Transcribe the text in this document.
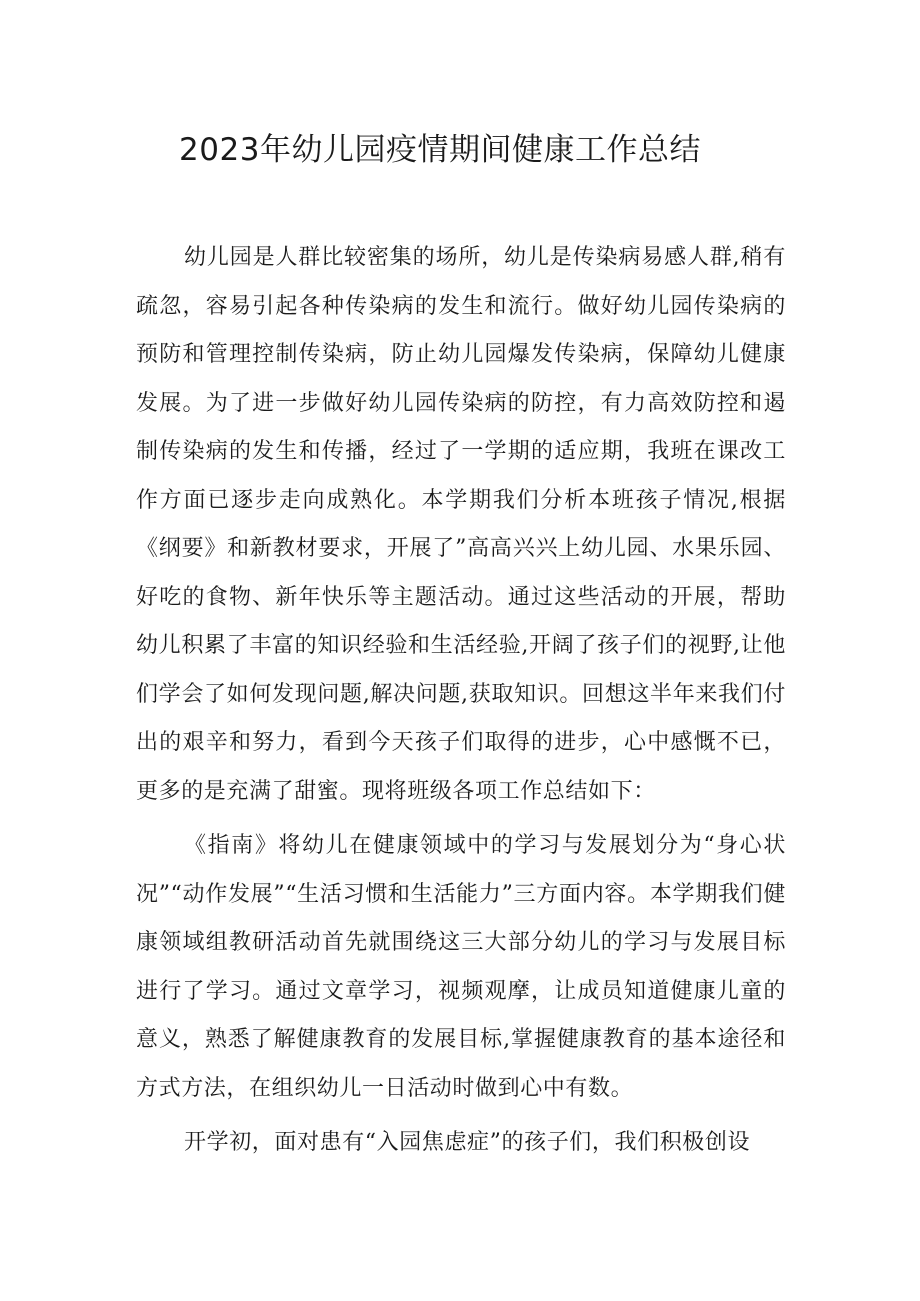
2023年幼儿园疫情期间健康工作总结

幼儿园是人群比较密集的场所，幼儿是传染病易感人群,稍有疏忽，容易引起各种传染病的发生和流行。做好幼儿园传染病的预防和管理控制传染病，防止幼儿园爆发传染病，保障幼儿健康发展。为了进一步做好幼儿园传染病的防控，有力高效防控和遏制传染病的发生和传播，经过了一学期的适应期，我班在课改工作方面已逐步走向成熟化。本学期我们分析本班孩子情况,根据《纲要》和新教材要求，开展了”高高兴兴上幼儿园、水果乐园、好吃的食物、新年快乐等主题活动。通过这些活动的开展，帮助幼儿积累了丰富的知识经验和生活经验,开阔了孩子们的视野,让他们学会了如何发现问题,解决问题,获取知识。回想这半年来我们付出的艰辛和努力，看到今天孩子们取得的进步，心中感慨不已，更多的是充满了甜蜜。现将班级各项工作总结如下：

《指南》将幼儿在健康领域中的学习与发展划分为“身心状况”“动作发展”“生活习惯和生活能力”三方面内容。本学期我们健康领域组教研活动首先就围绕这三大部分幼儿的学习与发展目标进行了学习。通过文章学习，视频观摩，让成员知道健康儿童的意义，熟悉了解健康教育的发展目标,掌握健康教育的基本途径和方式方法，在组织幼儿一日活动时做到心中有数。

开学初，面对患有“入园焦虑症”的孩子们，我们积极创设
